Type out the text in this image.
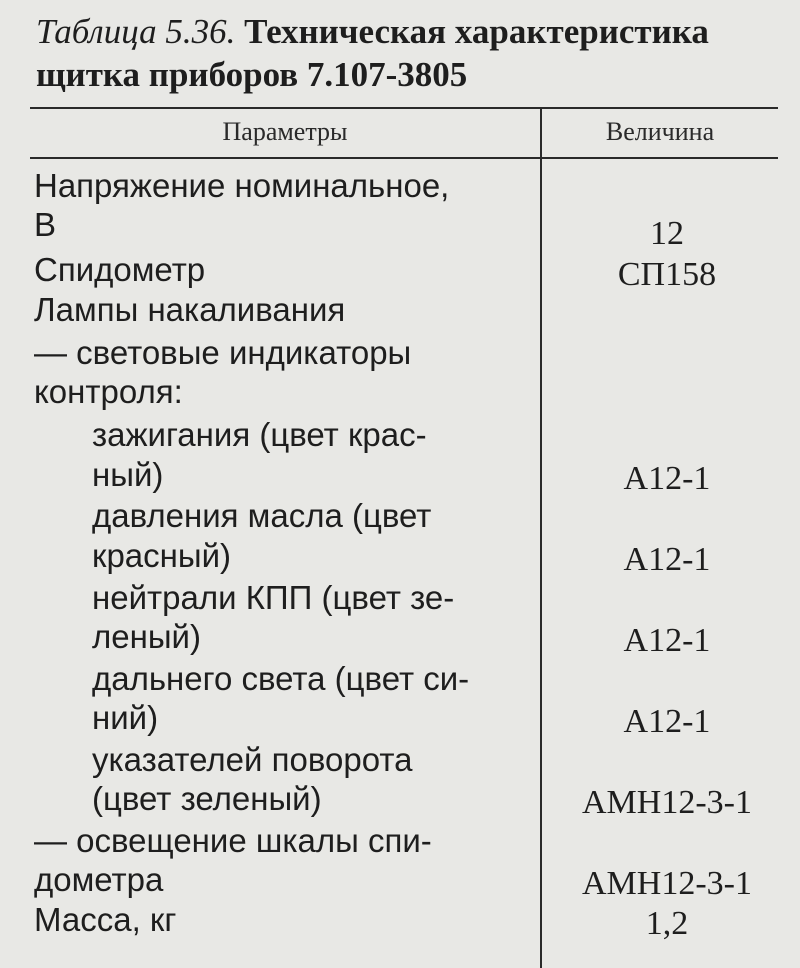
Таблица 5.36. Техническая характеристика щитка приборов 7.107-3805
Параметры	Величина
Напряжение номинальное,
В
Спидометр
Лампы накаливания
— световые индикаторы
контроля:
зажигания (цвет крас-
ный)
давления масла (цвет
красный)
нейтрали КПП (цвет зе-
леный)
дальнего света (цвет си-
ний)
указателей поворота
(цвет зеленый)
— освещение шкалы спи-
дометра
Масса, кг
12
СП158
А12-1
А12-1
А12-1
А12-1
АМН12-3-1
АМН12-3-1
1,2
